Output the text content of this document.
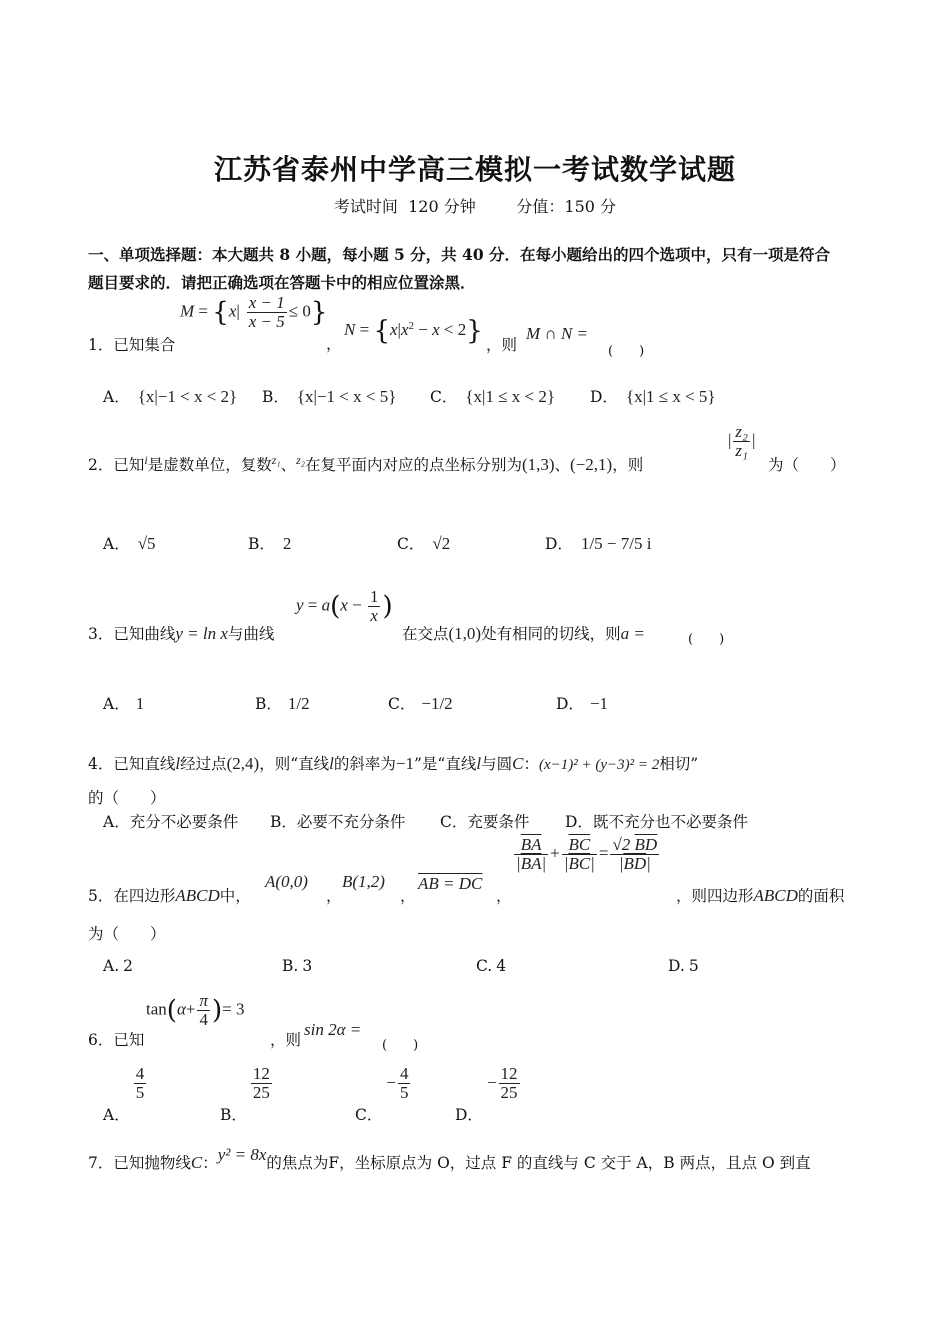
江苏省泰州中学高三模拟一考试数学试题
考试时间  120 分钟	分值：150 分
一、单项选择题：本大题共 8 小题，每小题 5 分，共 40 分．在每小题给出的四个选项中，只有一项是符合
题目要求的．请把正确选项在答题卡中的相应位置涂黑．
1．已知集合
$M = \{x| \frac{x - 1}{x - 5} \le 0\}$
，
$N = \{x|x^2 - x < 2\}$ ，则
M ∩ N =
(　　)
A． {x|−1 < x < 2} B． {x|−1 < x < 5} C． {x|1 ≤ x < 2} D． {x|1 ≤ x < 5}
2．已知$^i$是虚数单位，复数$^{z_1}$、$^{z_2}$在复平面内对应的点坐标分别为(1,3)、(−2,1)，则
| $\frac{\text{z₂}}{\text{z₁}}$ |
为（　　）
A． √5	B． 2	C． √2	D． 1/5 − 7/5 i
3．已知曲线y = ln x与曲线
$y = a(x - \frac{1}{x}$ )
在交点(1,0)处有相同的切线，则a =	(　　)
A． 1	B． 1/2	C． −1/2	D． −1
4．已知直线l经过点(2,4)，则“直线l的斜率为−1”是“直线l与圆C：(x−1)² + (y−3)² = 2相切”
的（　　）
A．充分不必要条件 B．必要不充分条件 C．充要条件 D．既不充分也不必要条件
5．在四边形ABCD中，
A(0,0)
，
B(1,2)
，
AB = DC
，
$\frac{\overline{BA}}{|\overline{BA}|} + \frac{\overline{BC}}{|\overline{BC}|} = \frac{√2 \overline{BD}}{|\overline{BD}|}$
，则四边形ABCD的面积
为（　　）
A. 2	B. 3	C. 4	D. 5
6．已知
$\tan(\alpha+ \frac{\pi}{4}$ )= 3
，则
sin 2α =
(　　)
A．
$\frac{4}{5}$
B．
$\frac{12}{25}$
C．− $\frac{4}{5}$
D．− $\frac{12}{25}$
7．已知抛物线C：y² = 8x的焦点为F，坐标原点为 O，过点 F 的直线与 C 交于 A，B 两点，且点 O 到直
